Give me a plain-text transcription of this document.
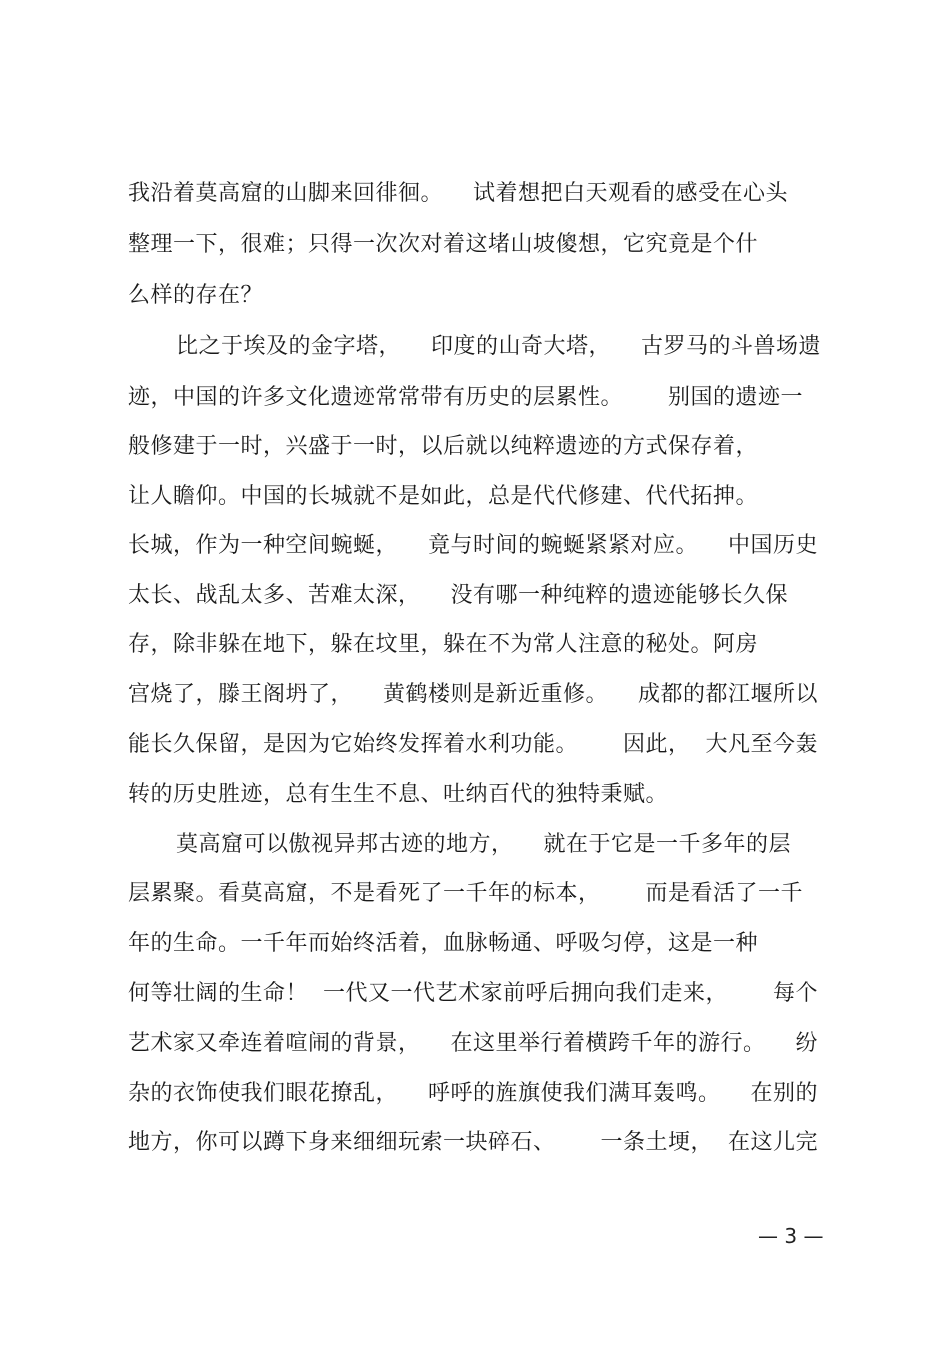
我沿着莫高窟的山脚来回徘徊。    试着想把白天观看的感受在心头
整理一下，很难；只得一次次对着这堵山坡傻想，它究竟是个什
么样的存在？
比之于埃及的金字塔，    印度的山奇大塔，    古罗马的斗兽场遗
迹，中国的许多文化遗迹常常带有历史的层累性。      别国的遗迹一
般修建于一时，兴盛于一时，以后就以纯粹遗迹的方式保存着，
让人瞻仰。中国的长城就不是如此，总是代代修建、代代拓抻。
长城，作为一种空间蜿蜒，    竟与时间的蜿蜒紧紧对应。    中国历史
太长、战乱太多、苦难太深，    没有哪一种纯粹的遗迹能够长久保
存，除非躲在地下，躲在坟里，躲在不为常人注意的秘处。阿房
宫烧了，滕王阁坍了，    黄鹤楼则是新近重修。    成都的都江堰所以
能长久保留，是因为它始终发挥着水利功能。      因此，  大凡至今轰
转的历史胜迹，总有生生不息、吐纳百代的独特秉赋。
莫高窟可以傲视异邦古迹的地方，    就在于它是一千多年的层
层累聚。看莫高窟，不是看死了一千年的标本，      而是看活了一千
年的生命。一千年而始终活着，血脉畅通、呼吸匀停，这是一种
何等壮阔的生命！  一代又一代艺术家前呼后拥向我们走来，      每个
艺术家又牵连着喧闹的背景，    在这里举行着横跨千年的游行。    纷
杂的衣饰使我们眼花撩乱，    呼呼的旌旗使我们满耳轰鸣。    在别的
地方，你可以蹲下身来细细玩索一块碎石、      一条土埂，  在这儿完
— 3 —
